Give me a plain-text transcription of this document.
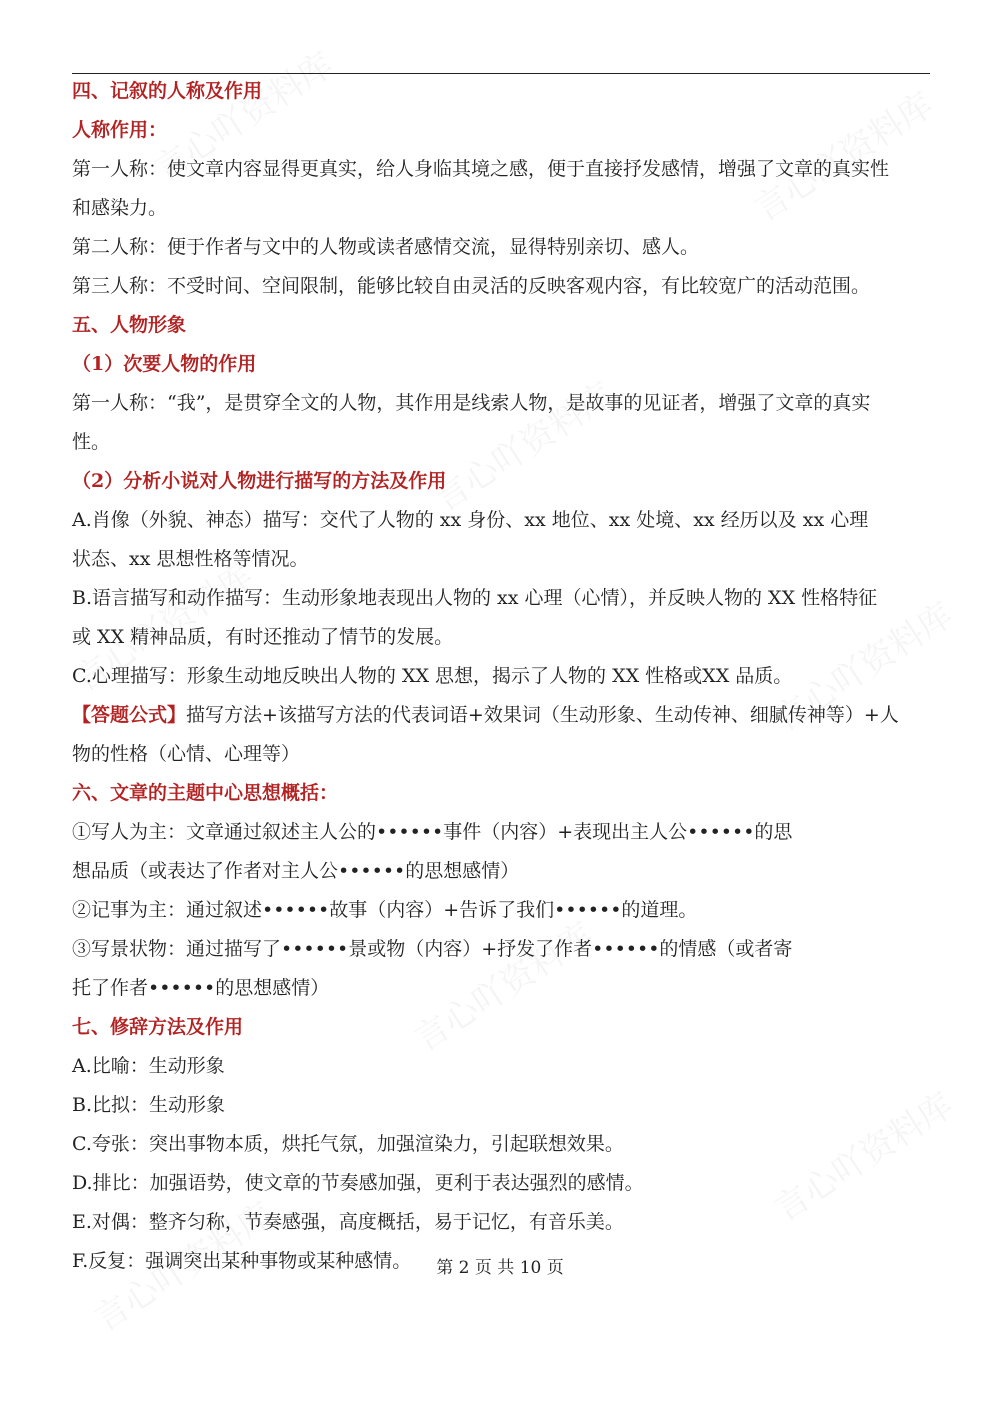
四、记叙的人称及作用
人称作用：
第一人称：使文章内容显得更真实，给人身临其境之感，便于直接抒发感情，增强了文章的真实性
和感染力。
第二人称：便于作者与文中的人物或读者感情交流，显得特别亲切、感人。
第三人称：不受时间、空间限制，能够比较自由灵活的反映客观内容，有比较宽广的活动范围。
五、人物形象
（1）次要人物的作用
第一人称：“我”，是贯穿全文的人物，其作用是线索人物，是故事的见证者，增强了文章的真实
性。
（2）分析小说对人物进行描写的方法及作用
A.肖像（外貌、神态）描写：交代了人物的 xx 身份、xx 地位、xx 处境、xx 经历以及 xx 心理
状态、xx 思想性格等情况。
B.语言描写和动作描写：生动形象地表现出人物的 xx 心理（心情），并反映人物的 XX 性格特征
或 XX 精神品质，有时还推动了情节的发展。
C.心理描写：形象生动地反映出人物的 XX 思想，揭示了人物的 XX 性格或XX 品质。
【答题公式】描写方法+该描写方法的代表词语+效果词（生动形象、生动传神、细腻传神等）+人
物的性格（心情、心理等）
六、文章的主题中心思想概括：
①写人为主：文章通过叙述主人公的••••••事件（内容）+表现出主人公••••••的思
想品质（或表达了作者对主人公••••••的思想感情）
②记事为主：通过叙述••••••故事（内容）+告诉了我们••••••的道理。
③写景状物：通过描写了••••••景或物（内容）+抒发了作者••••••的情感（或者寄
托了作者••••••的思想感情）
七、修辞方法及作用
A.比喻：生动形象
B.比拟：生动形象
C.夸张：突出事物本质，烘托气氛，加强渲染力，引起联想效果。
D.排比：加强语势，使文章的节奏感加强，更利于表达强烈的感情。
E.对偶：整齐匀称，节奏感强，高度概括，易于记忆，有音乐美。
F.反复：强调突出某种事物或某种感情。	第 2 页 共 10 页
